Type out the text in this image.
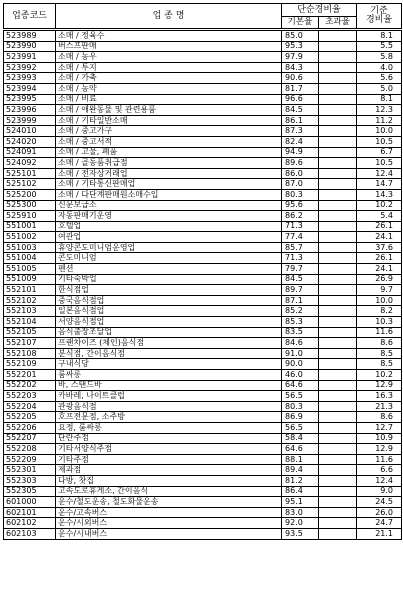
업종코드	업 종 명	단순경비율		기준
경비율

		기본율	초과율	
523989	소매 / 정육수	85.0		8.1
523990	버스프판매	95.3		5.5
523991	소매 / 농우	97.9		5.8
523992	소매 / 투지	84.3		4.0
523993	소매 / 가축	90.6		5.6
523994	소매 / 농약	81.7		5.0
523995	소매 / 비료	96.6		8.1
523996	소매 / 애완동물 및 관련용품	84.5		12.3
523999	소매 / 기타일반소매	86.1		11.2
524010	소매 / 중고가구	87.3		10.0
524020	소매 / 중고서적	82.4		10.5
524091	소매 / 고물, 폐품	94.9		6.7
524092	소매 / 골동품취급점	89.6		10.5
525101	소매 / 전자상거래업	86.0		12.4
525102	소매 / 기타통신판매업	87.0		14.7
525200	소매 / 다단계판매원소매수입	80.3		14.3
525300	신문보급소	95.6		10.2
525910	자동판매기운영	86.2		5.4
551001	호텔업	71.3		26.1
551002	여관업	77.4		24.1
551003	휴양콘도미니엄운영업	85.7		37.6
551004	콘도미니엄	71.3		26.1
551005	펜션	79.7		24.1
551009	기타숙박업	84.5		26.9
552101	한식점업	89.7		9.7
552102	중국음식점업	87.1		10.0
552103	일본음식점업	85.2		8.2
552104	서양음식점업	85.3		10.3
552105	음식출장조달업	83.5		11.6
552107	프랜차이즈 (체인)음식점	84.6		8.6
552108	분식점, 간이음식점	91.0		8.5
552109	구내식당	90.0		8.5
552201	룸싸롱	46.0		10.2
552202	바, 스탠드바	64.6		12.9
552203	카바레, 나이트클럽	56.5		16.3
552204	관광음식점	80.3		21.3
552205	호프전문점, 소주방	86.9		8.6
552206	요정, 룸싸롱	56.5		12.7
552207	단란주점	58.4		10.9
552208	기타서양식주점	64.6		12.9
552209	기타주점	88.1		11.6
552301	제과점	89.4		6.6
552303	다방, 찻집	81.2		12.4
552305	고속도로휴게소, 간이음식	86.4		9.0
601000	운수/철도운송, 철도화물운송	95.1		24.5
602101	운수/고속버스	83.0		26.0
602102	운수/시외버스	92.0		24.7
602103	운수/시내버스	93.5		21.1
